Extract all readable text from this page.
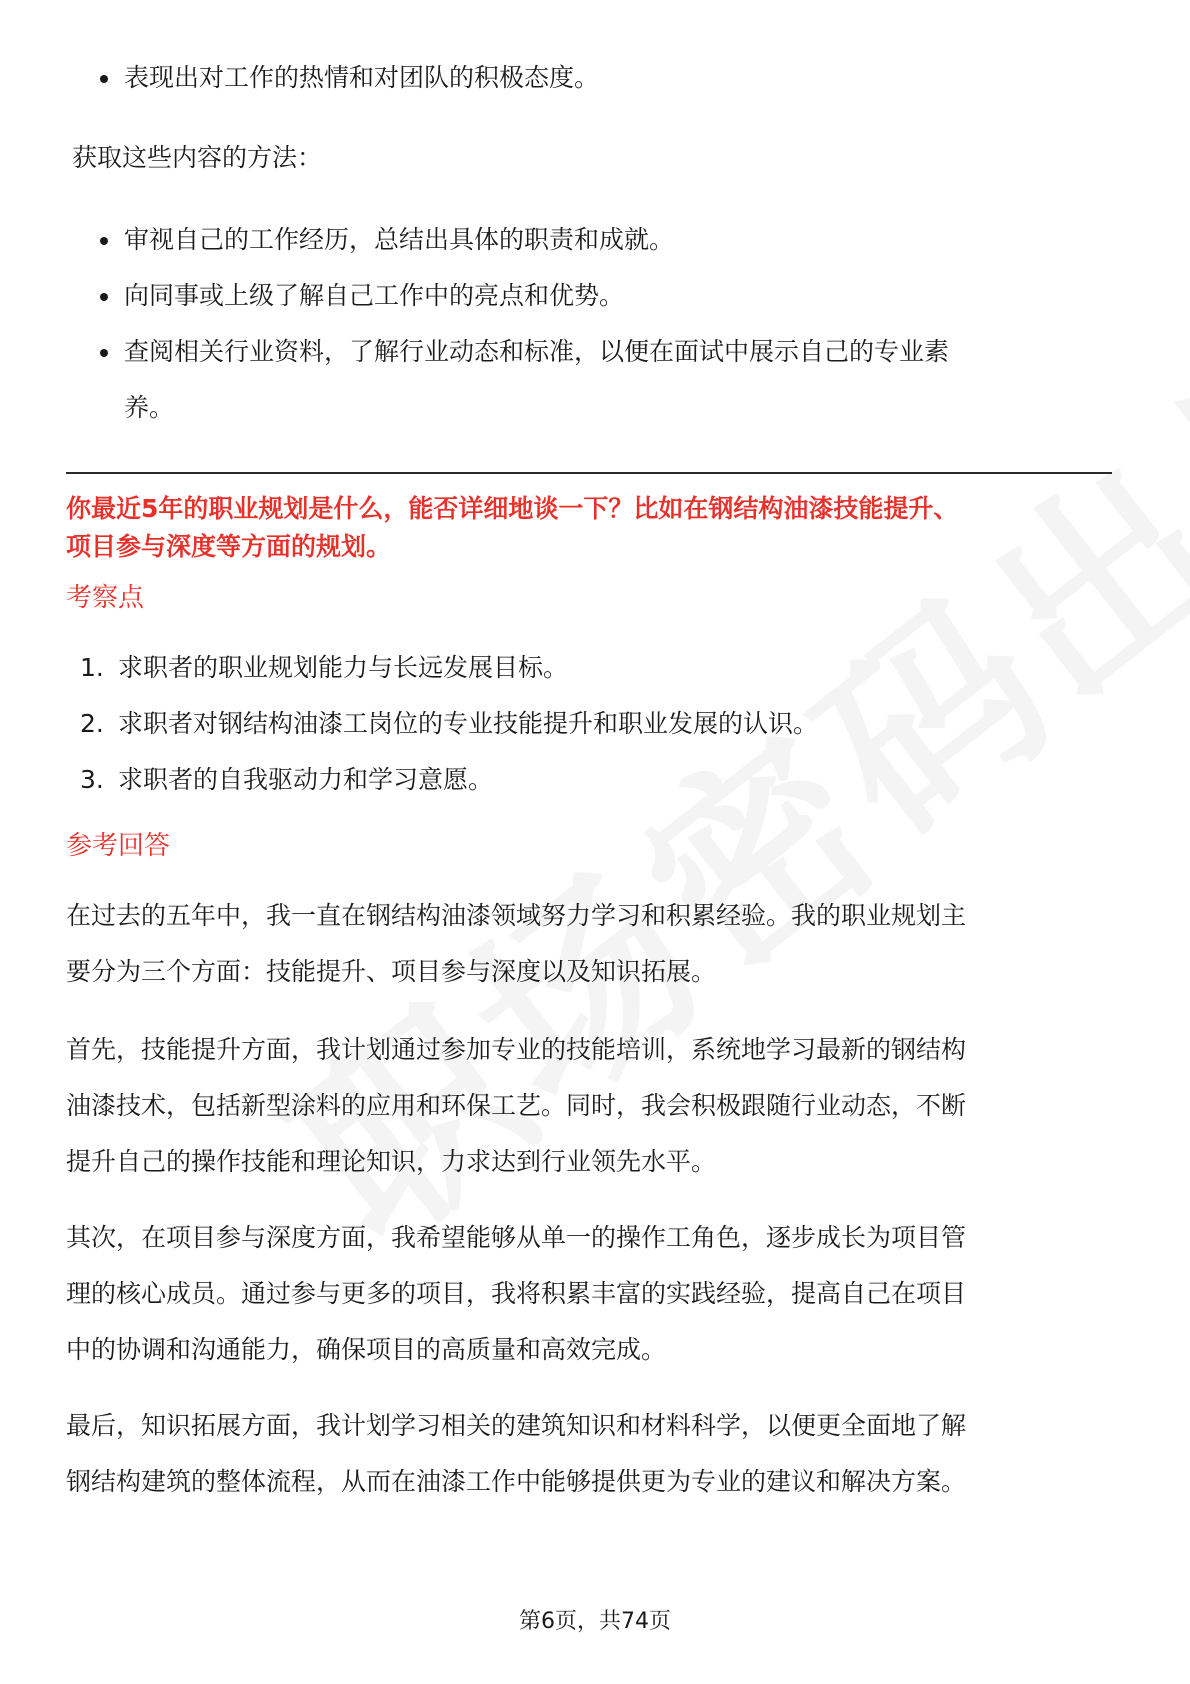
表现出对工作的热情和对团队的积极态度。

获取这些内容的方法：

审视自己的工作经历，总结出具体的职责和成就。
向同事或上级了解自己工作中的亮点和优势。
查阅相关行业资料，了解行业动态和标准，以便在面试中展示自己的专业素
养。

你最近5年的职业规划是什么，能否详细地谈一下？比如在钢结构油漆技能提升、

项目参与深度等方面的规划。

考察点

1. 求职者的职业规划能力与长远发展目标。
2. 求职者对钢结构油漆工岗位的专业技能提升和职业发展的认识。
3. 求职者的自我驱动力和学习意愿。

参考回答

在过去的五年中，我一直在钢结构油漆领域努力学习和积累经验。我的职业规划主

要分为三个方面：技能提升、项目参与深度以及知识拓展。

首先，技能提升方面，我计划通过参加专业的技能培训，系统地学习最新的钢结构

油漆技术，包括新型涂料的应用和环保工艺。同时，我会积极跟随行业动态，不断

提升自己的操作技能和理论知识，力求达到行业领先水平。

其次，在项目参与深度方面，我希望能够从单一的操作工角色，逐步成长为项目管

理的核心成员。通过参与更多的项目，我将积累丰富的实践经验，提高自己在项目

中的协调和沟通能力，确保项目的高质量和高效完成。

最后，知识拓展方面，我计划学习相关的建筑知识和材料科学，以便更全面地了解

钢结构建筑的整体流程，从而在油漆工作中能够提供更为专业的建议和解决方案。

第6页，共74页
